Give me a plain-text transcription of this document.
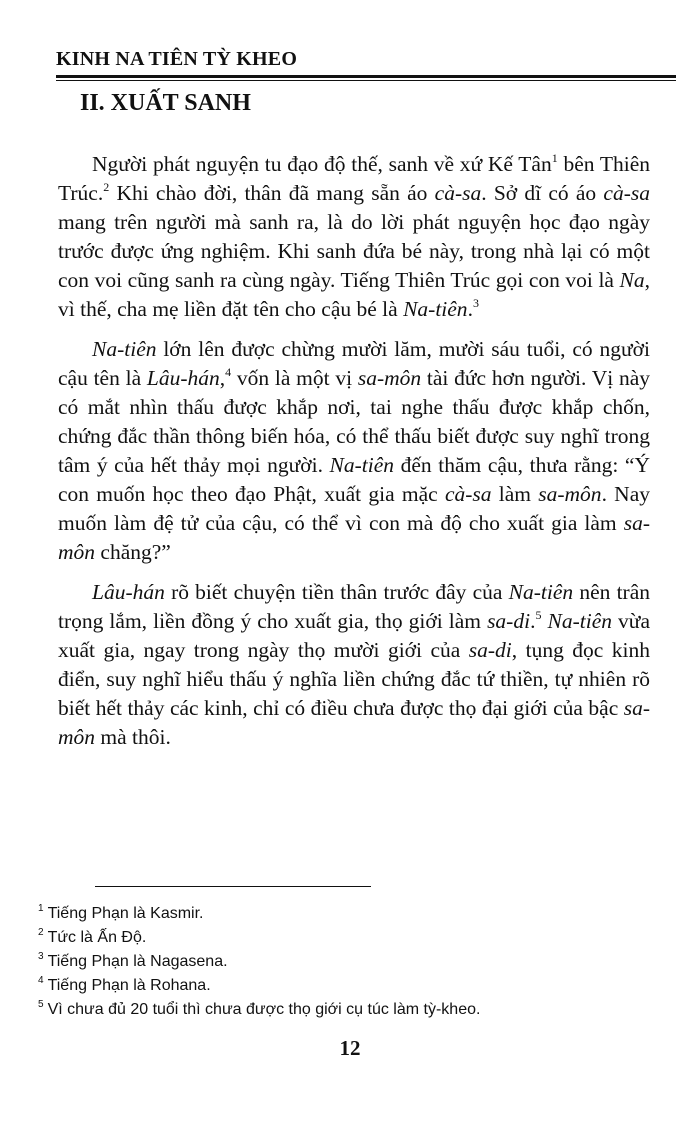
KINH NA TIÊN TỲ KHEO
II. XUẤT SANH

Người phát nguyện tu đạo độ thế, sanh về xứ Kế Tân$^1$ bên Thiên Trúc.$^2$ Khi chào đời, thân đã mang sẵn áo cà-sa. Sở dĩ có áo cà-sa mang trên người mà sanh ra, là do lời phát nguyện học đạo ngày trước được ứng nghiệm. Khi sanh đứa bé này, trong nhà lại có một con voi cũng sanh ra cùng ngày. Tiếng Thiên Trúc gọi con voi là Na, vì thế, cha mẹ liền đặt tên cho cậu bé là Na-tiên.$^3$

Na-tiên lớn lên được chừng mười lăm, mười sáu tuổi, có người cậu tên là Lâu-hán,$^4$ vốn là một vị sa-môn tài đức hơn người. Vị này có mắt nhìn thấu được khắp nơi, tai nghe thấu được khắp chốn, chứng đắc thần thông biến hóa, có thể thấu biết được suy nghĩ trong tâm ý của hết thảy mọi người. Na-tiên đến thăm cậu, thưa rằng: “Ý con muốn học theo đạo Phật, xuất gia mặc cà-sa làm sa-môn. Nay muốn làm đệ tử của cậu, có thể vì con mà độ cho xuất gia làm sa-môn chăng?”

Lâu-hán rõ biết chuyện tiền thân trước đây của Na-tiên nên trân trọng lắm, liền đồng ý cho xuất gia, thọ giới làm sa-di.$^5$ Na-tiên vừa xuất gia, ngay trong ngày thọ mười giới của sa-di, tụng đọc kinh điển, suy nghĩ hiểu thấu ý nghĩa liền chứng đắc tứ thiền, tự nhiên rõ biết hết thảy các kinh, chỉ có điều chưa được thọ đại giới của bậc sa-môn mà thôi.

$^1$ Tiếng Phạn là Kasmir.
$^2$ Tức là Ấn Độ.
$^3$ Tiếng Phạn là Nagasena.
$^4$ Tiếng Phạn là Rohana.
$^5$ Vì chưa đủ 20 tuổi thì chưa được thọ giới cụ túc làm tỳ-kheo.
12
